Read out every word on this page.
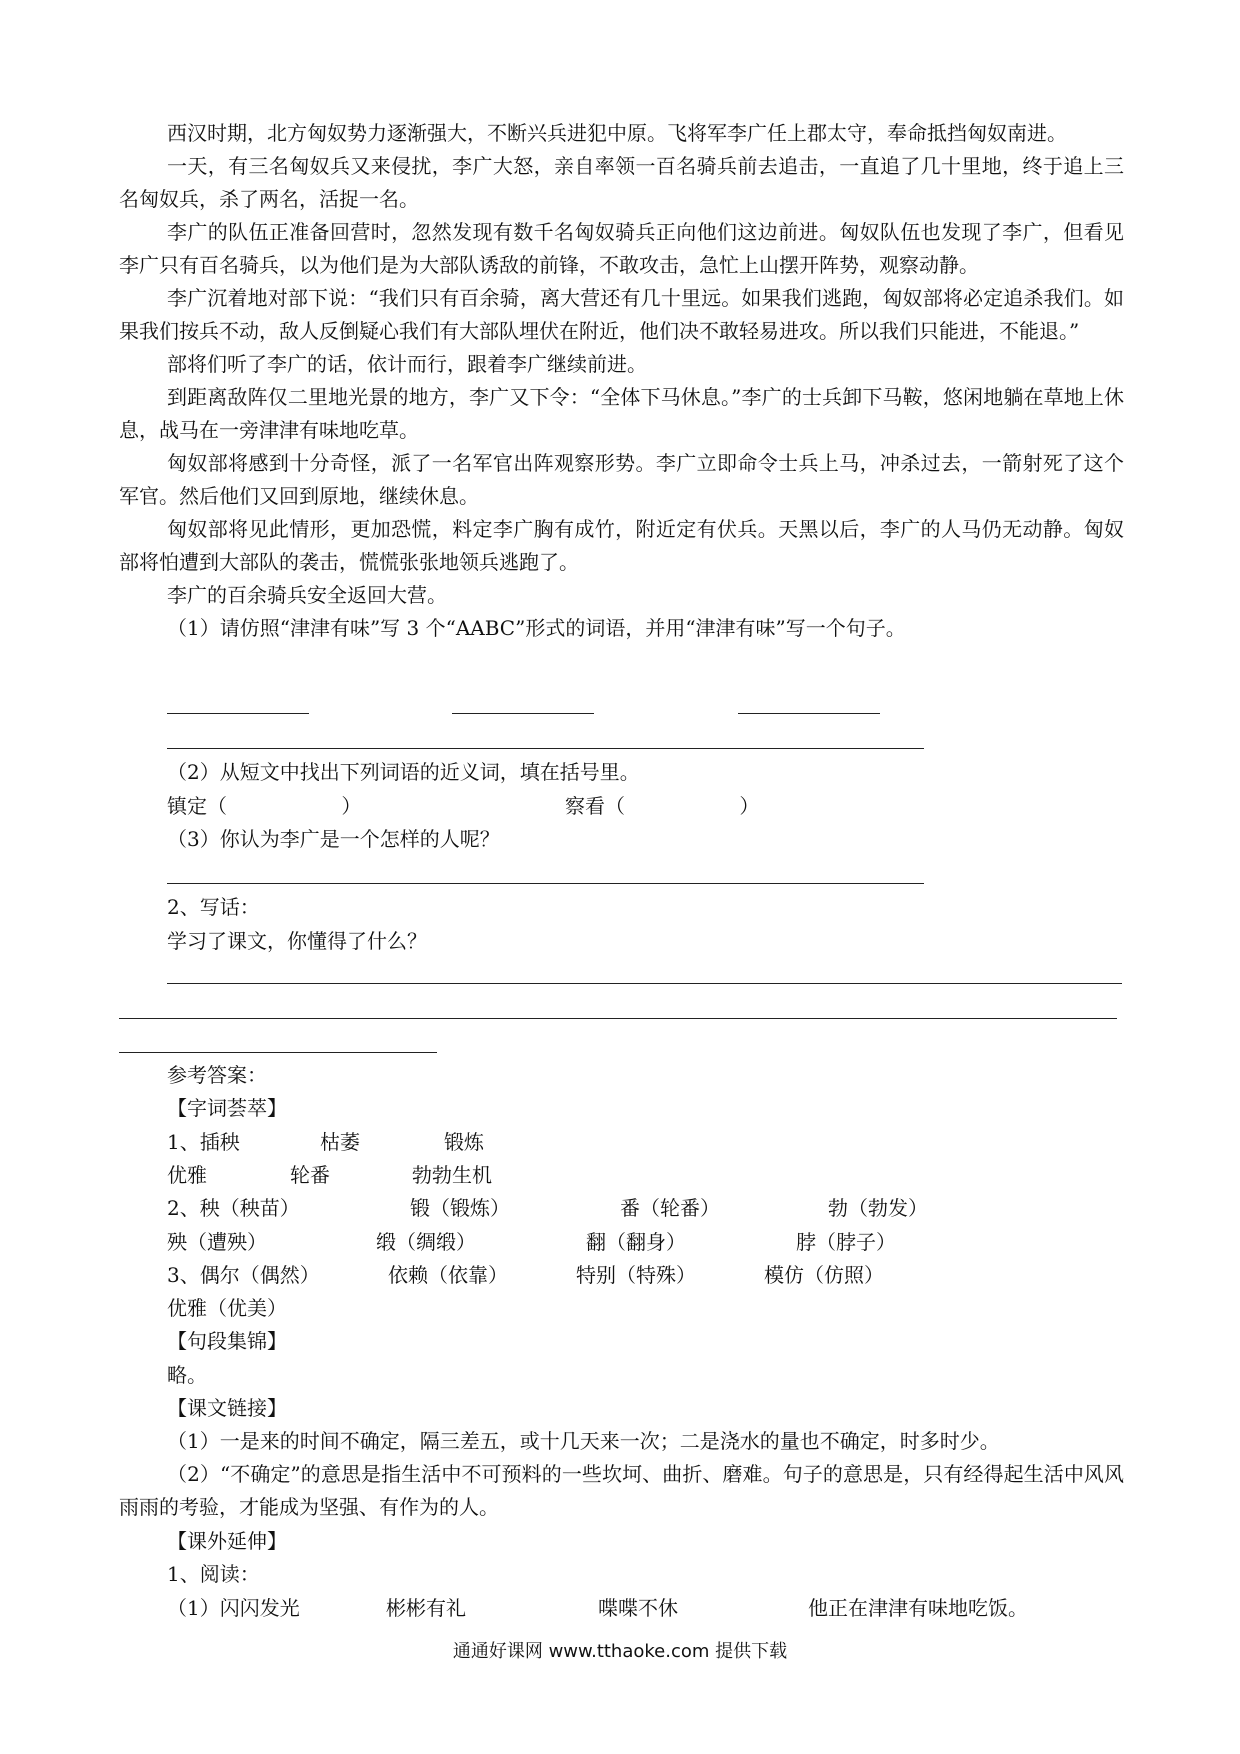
西汉时期，北方匈奴势力逐渐强大，不断兴兵进犯中原。飞将军李广任上郡太守，奉命抵挡匈奴南进。

一天，有三名匈奴兵又来侵扰，李广大怒，亲自率领一百名骑兵前去追击，一直追了几十里地，终于追上三名匈奴兵，杀了两名，活捉一名。

李广的队伍正准备回营时，忽然发现有数千名匈奴骑兵正向他们这边前进。匈奴队伍也发现了李广，但看见李广只有百名骑兵，以为他们是为大部队诱敌的前锋，不敢攻击，急忙上山摆开阵势，观察动静。

李广沉着地对部下说：“我们只有百余骑，离大营还有几十里远。如果我们逃跑，匈奴部将必定追杀我们。如果我们按兵不动，敌人反倒疑心我们有大部队埋伏在附近，他们决不敢轻易进攻。所以我们只能进，不能退。”

部将们听了李广的话，依计而行，跟着李广继续前进。

到距离敌阵仅二里地光景的地方，李广又下令：“全体下马休息。”李广的士兵卸下马鞍，悠闲地躺在草地上休息，战马在一旁津津有味地吃草。

匈奴部将感到十分奇怪，派了一名军官出阵观察形势。李广立即命令士兵上马，冲杀过去，一箭射死了这个军官。然后他们又回到原地，继续休息。

匈奴部将见此情形，更加恐慌，料定李广胸有成竹，附近定有伏兵。天黑以后，李广的人马仍无动静。匈奴部将怕遭到大部队的袭击，慌慌张张地领兵逃跑了。

李广的百余骑兵安全返回大营。

（1）请仿照“津津有味”写 3 个“AABC”形式的词语，并用“津津有味”写一个句子。

（2）从短文中找出下列词语的近义词，填在括号里。
镇定（                  ）	察看（                  ）
（3）你认为李广是一个怎样的人呢？
2、写话：
学习了课文，你懂得了什么？
参考答案：
【字词荟萃】
1、插秧	枯萎	锻炼
优雅	轮番	勃勃生机
2、秧（秧苗）	锻（锻炼）	番（轮番）	勃（勃发）
殃（遭殃）	缎（绸缎）	翻（翻身）	脖（脖子）
3、偶尔（偶然）	依赖（依靠）	特别（特殊）	模仿（仿照）
优雅（优美）
【句段集锦】
略。
【课文链接】

（1）一是来的时间不确定，隔三差五，或十几天来一次；二是浇水的量也不确定，时多时少。

（2）“不确定”的意思是指生活中不可预料的一些坎坷、曲折、磨难。句子的意思是，只有经得起生活中风风雨雨的考验，才能成为坚强、有作为的人。

【课外延伸】
1、阅读：
（1）闪闪发光	彬彬有礼	喋喋不休	他正在津津有味地吃饭。
通通好课网 www.tthaoke.com 提供下载
